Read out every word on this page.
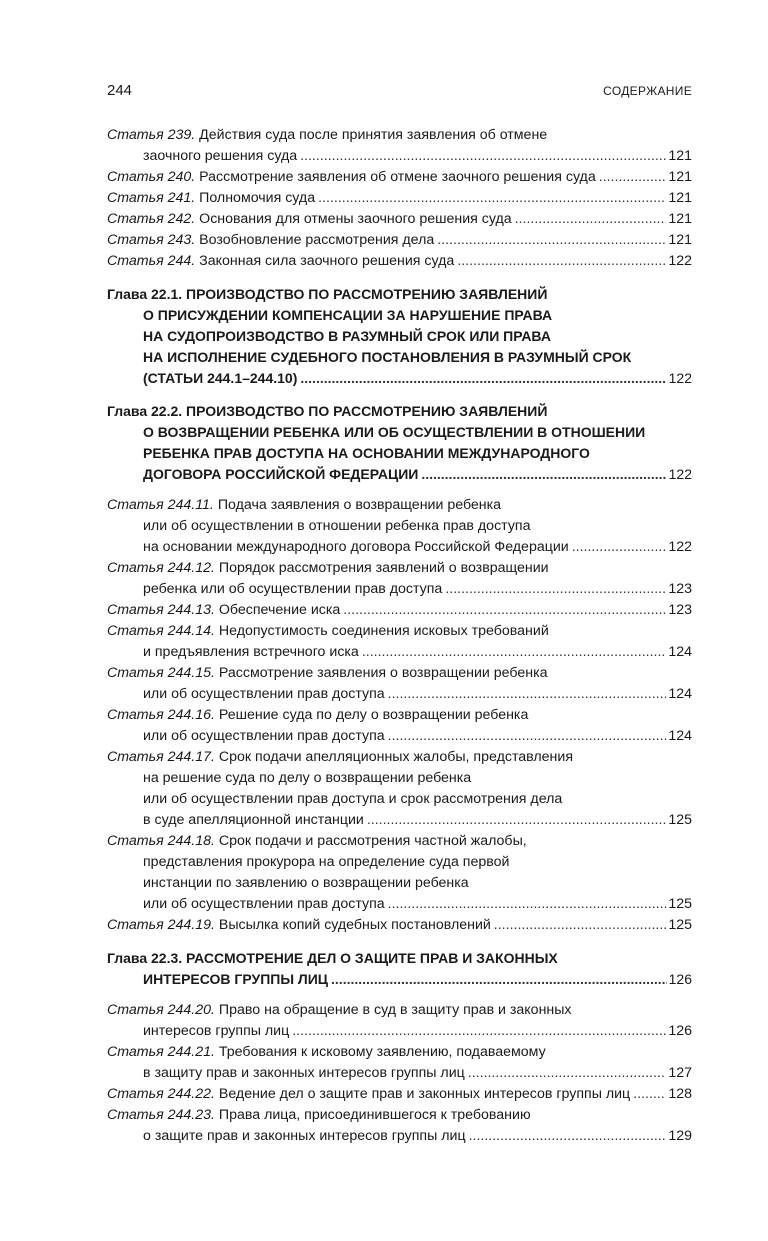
244	СОДЕРЖАНИЕ
Статья 239. Действия суда после принятия заявления об отмене
заочного решения суда .....	121
Статья 240. Рассмотрение заявления об отмене заочного решения суда .....	121
Статья 241. Полномочия суда .....	121
Статья 242. Основания для отмены заочного решения суда .....	121
Статья 243. Возобновление рассмотрения дела .....	121
Статья 244. Законная сила заочного решения суда .....	122
Глава 22.1. ПРОИЗВОДСТВО ПО РАССМОТРЕНИЮ ЗАЯВЛЕНИЙ
О ПРИСУЖДЕНИИ КОМПЕНСАЦИИ ЗА НАРУШЕНИЕ ПРАВА
НА СУДОПРОИЗВОДСТВО В РАЗУМНЫЙ СРОК ИЛИ ПРАВА
НА ИСПОЛНЕНИЕ СУДЕБНОГО ПОСТАНОВЛЕНИЯ В РАЗУМНЫЙ СРОК
(СТАТЬИ 244.1–244.10) .....	122
Глава 22.2. ПРОИЗВОДСТВО ПО РАССМОТРЕНИЮ ЗАЯВЛЕНИЙ
О ВОЗВРАЩЕНИИ РЕБЕНКА ИЛИ ОБ ОСУЩЕСТВЛЕНИИ В ОТНОШЕНИИ
РЕБЕНКА ПРАВ ДОСТУПА НА ОСНОВАНИИ МЕЖДУНАРОДНОГО
ДОГОВОРА РОССИЙСКОЙ ФЕДЕРАЦИИ .....	122
Статья 244.11. Подача заявления о возвращении ребенка
или об осуществлении в отношении ребенка прав доступа
на основании международного договора Российской Федерации .....	122
Статья 244.12. Порядок рассмотрения заявлений о возвращении
ребенка или об осуществлении прав доступа .....	123
Статья 244.13. Обеспечение иска .....	123
Статья 244.14. Недопустимость соединения исковых требований
и предъявления встречного иска .....	124
Статья 244.15. Рассмотрение заявления о возвращении ребенка
или об осуществлении прав доступа .....	124
Статья 244.16. Решение суда по делу о возвращении ребенка
или об осуществлении прав доступа .....	124
Статья 244.17. Срок подачи апелляционных жалобы, представления
на решение суда по делу о возвращении ребенка
или об осуществлении прав доступа и срок рассмотрения дела
в суде апелляционной инстанции .....	125
Статья 244.18. Срок подачи и рассмотрения частной жалобы,
представления прокурора на определение суда первой
инстанции по заявлению о возвращении ребенка
или об осуществлении прав доступа .....	125
Статья 244.19. Высылка копий судебных постановлений .....	125
Глава 22.3. РАССМОТРЕНИЕ ДЕЛ О ЗАЩИТЕ ПРАВ И ЗАКОННЫХ
ИНТЕРЕСОВ ГРУППЫ ЛИЦ .....	126
Статья 244.20. Право на обращение в суд в защиту прав и законных
интересов группы лиц .....	126
Статья 244.21. Требования к исковому заявлению, подаваемому
в защиту прав и законных интересов группы лиц .....	127
Статья 244.22. Ведение дел о защите прав и законных интересов группы лиц .....	128
Статья 244.23. Права лица, присоединившегося к требованию
о защите прав и законных интересов группы лиц .....	129
